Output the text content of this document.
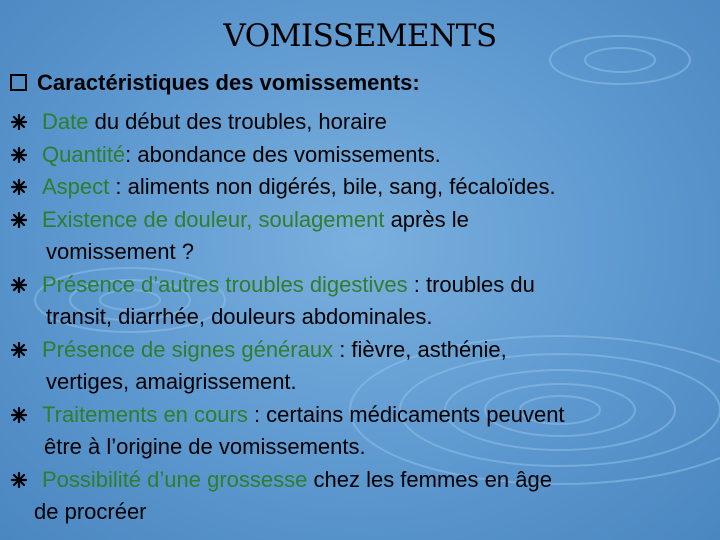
VOMISSEMENTS
Caractéristiques des vomissements:
Date du début des troubles, horaire
Quantité: abondance des vomissements.
Aspect : aliments non digérés, bile, sang, fécaloïdes.
Existence de douleur, soulagement après le
vomissement ?
Présence d’autres troubles digestives : troubles du
transit, diarrhée, douleurs abdominales.
Présence de signes généraux : fièvre, asthénie,
vertiges, amaigrissement.
Traitements en cours : certains médicaments peuvent
être à l’origine de vomissements.
Possibilité d’une grossesse chez les femmes en âge
de procréer
